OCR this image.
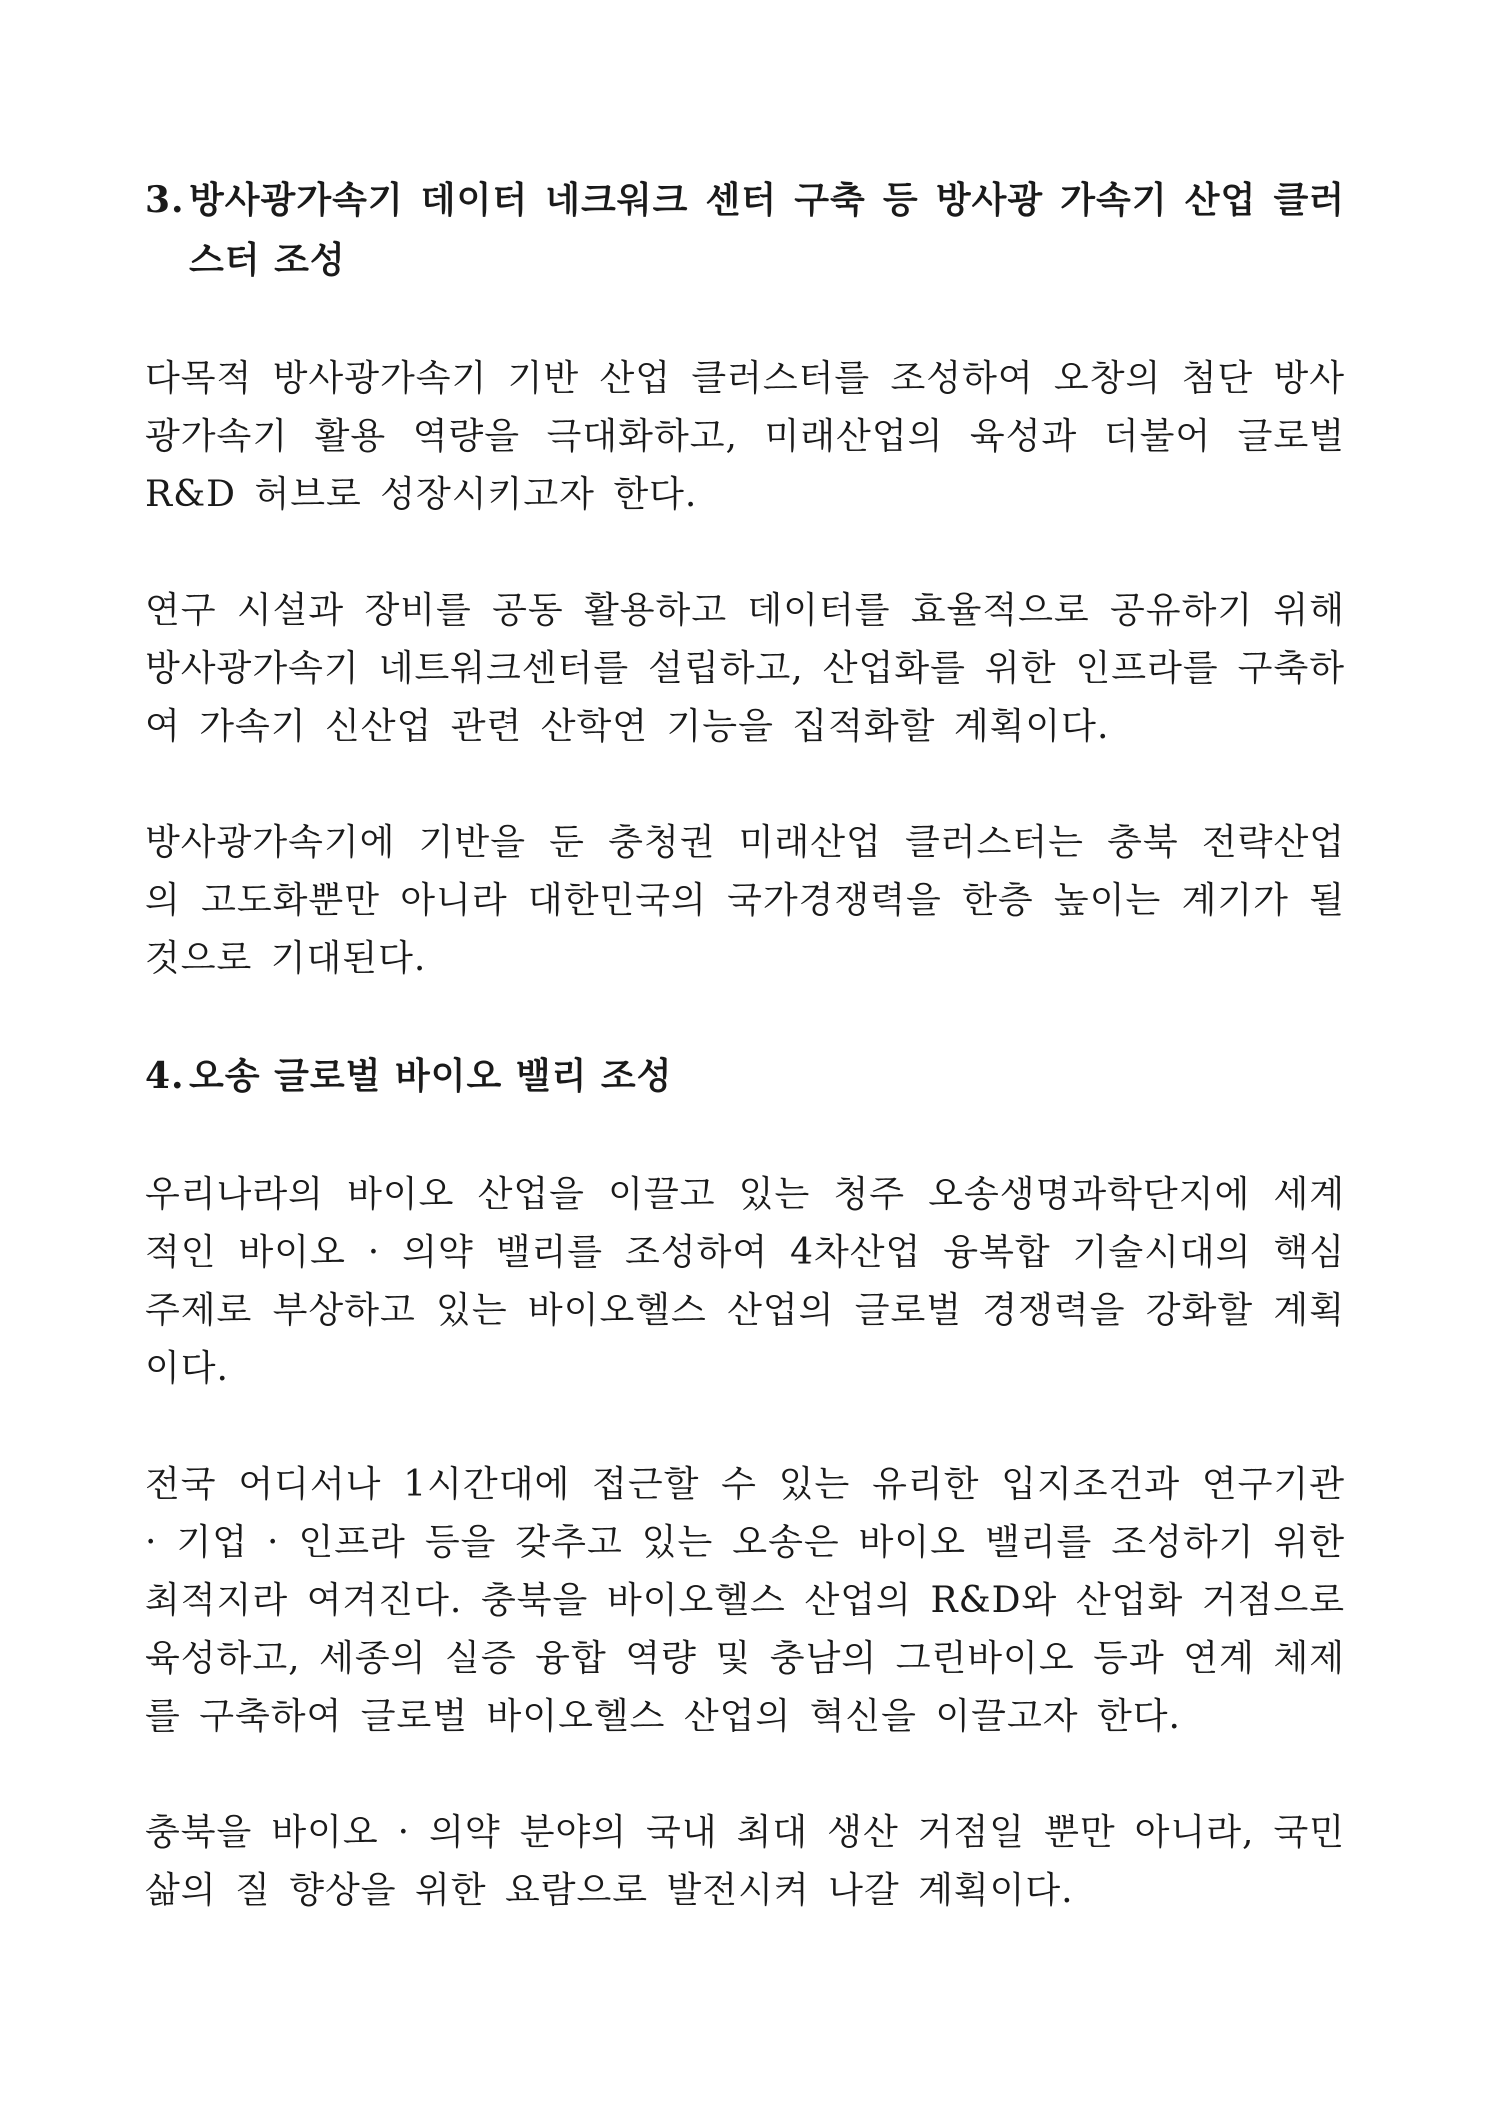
3. 방사광가속기 데이터 네크워크 센터 구축 등 방사광 가속기 산업 클러스터 조성

다목적 방사광가속기 기반 산업 클러스터를 조성하여 오창의 첨단 방사광가속기 활용 역량을 극대화하고, 미래산업의 육성과 더불어 글로벌 R&D 허브로 성장시키고자 한다.

연구 시설과 장비를 공동 활용하고 데이터를 효율적으로 공유하기 위해 방사광가속기 네트워크센터를 설립하고, 산업화를 위한 인프라를 구축하여 가속기 신산업 관련 산학연 기능을 집적화할 계획이다.

방사광가속기에 기반을 둔 충청권 미래산업 클러스터는 충북 전략산업의 고도화뿐만 아니라 대한민국의 국가경쟁력을 한층 높이는 계기가 될 것으로 기대된다.

4. 오송 글로벌 바이오 밸리 조성

우리나라의 바이오 산업을 이끌고 있는 청주 오송생명과학단지에 세계적인 바이오 · 의약 밸리를 조성하여 4차산업 융복합 기술시대의 핵심 주제로 부상하고 있는 바이오헬스 산업의 글로벌 경쟁력을 강화할 계획이다.

전국 어디서나 1시간대에 접근할 수 있는 유리한 입지조건과 연구기관 · 기업 · 인프라 등을 갖추고 있는 오송은 바이오 밸리를 조성하기 위한 최적지라 여겨진다. 충북을 바이오헬스 산업의 R&D와 산업화 거점으로 육성하고, 세종의 실증 융합 역량 및 충남의 그린바이오 등과 연계 체제를 구축하여 글로벌 바이오헬스 산업의 혁신을 이끌고자 한다.

충북을 바이오 · 의약 분야의 국내 최대 생산 거점일 뿐만 아니라, 국민 삶의 질 향상을 위한 요람으로 발전시켜 나갈 계획이다.
